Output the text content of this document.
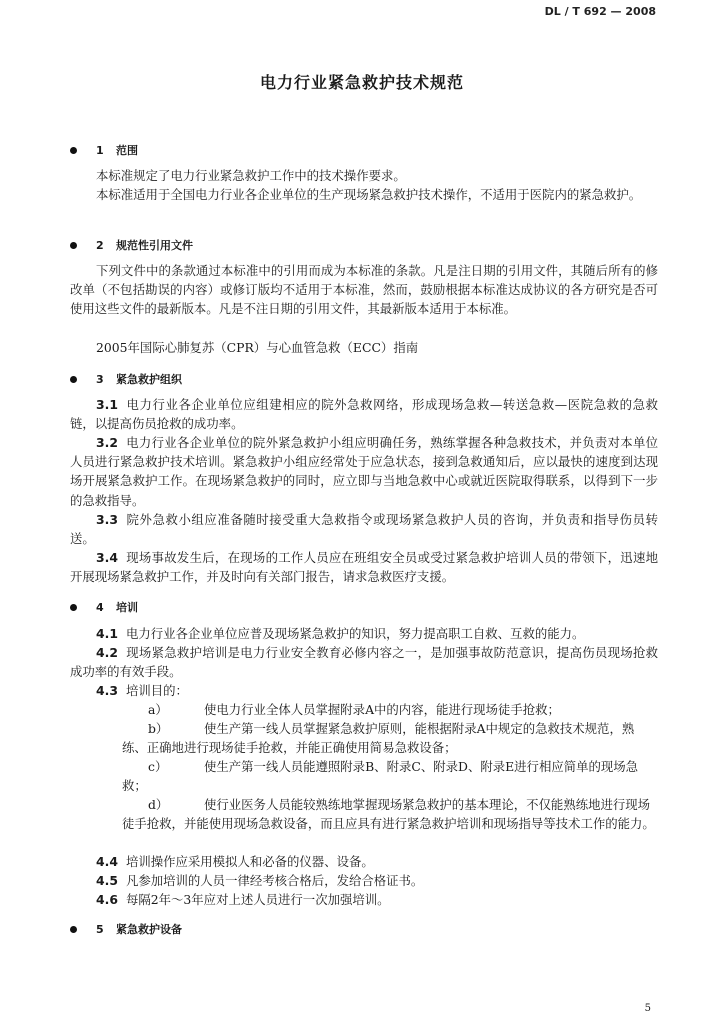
DL / T 692 — 2008
电力行业紧急救护技术规范
1	范围
本标准规定了电力行业紧急救护工作中的技术操作要求。
本标准适用于全国电力行业各企业单位的生产现场紧急救护技术操作，不适用于医院内的紧急救护。
2	规范性引用文件
下列文件中的条款通过本标准中的引用而成为本标准的条款。凡是注日期的引用文件，其随后所有的修改单（不包括勘误的内容）或修订版均不适用于本标准，然而，鼓励根据本标准达成协议的各方研究是否可使用这些文件的最新版本。凡是不注日期的引用文件，其最新版本适用于本标准。
2005年国际心肺复苏（CPR）与心血管急救（ECC）指南
3	紧急救护组织
3.1 电力行业各企业单位应组建相应的院外急救网络，形成现场急救—转送急救—医院急救的急救链，以提高伤员抢救的成功率。
3.2 电力行业各企业单位的院外紧急救护小组应明确任务，熟练掌握各种急救技术，并负责对本单位人员进行紧急救护技术培训。紧急救护小组应经常处于应急状态，接到急救通知后，应以最快的速度到达现场开展紧急救护工作。在现场紧急救护的同时，应立即与当地急救中心或就近医院取得联系，以得到下一步的急救指导。
3.3 院外急救小组应准备随时接受重大急救指令或现场紧急救护人员的咨询，并负责和指导伤员转送。
3.4 现场事故发生后，在现场的工作人员应在班组安全员或受过紧急救护培训人员的带领下，迅速地开展现场紧急救护工作，并及时向有关部门报告，请求急救医疗支援。
4	培训
4.1 电力行业各企业单位应普及现场紧急救护的知识，努力提高职工自救、互救的能力。
4.2 现场紧急救护培训是电力行业安全教育必修内容之一，是加强事故防范意识，提高伤员现场抢救成功率的有效手段。
4.3 培训目的：
a）	使电力行业全体人员掌握附录A中的内容，能进行现场徒手抢救；
b）	使生产第一线人员掌握紧急救护原则，能根据附录A中规定的急救技术规范，熟练、正确地进行现场徒手抢救，并能正确使用简易急救设备；
c）	使生产第一线人员能遵照附录B、附录C、附录D、附录E进行相应简单的现场急救；
d）	使行业医务人员能较熟练地掌握现场紧急救护的基本理论，不仅能熟练地进行现场徒手抢救，并能使用现场急救设备，而且应具有进行紧急救护培训和现场指导等技术工作的能力。
4.4 培训操作应采用模拟人和必备的仪器、设备。
4.5 凡参加培训的人员一律经考核合格后，发给合格证书。
4.6 每隔2年～3年应对上述人员进行一次加强培训。
5	紧急救护设备
5
